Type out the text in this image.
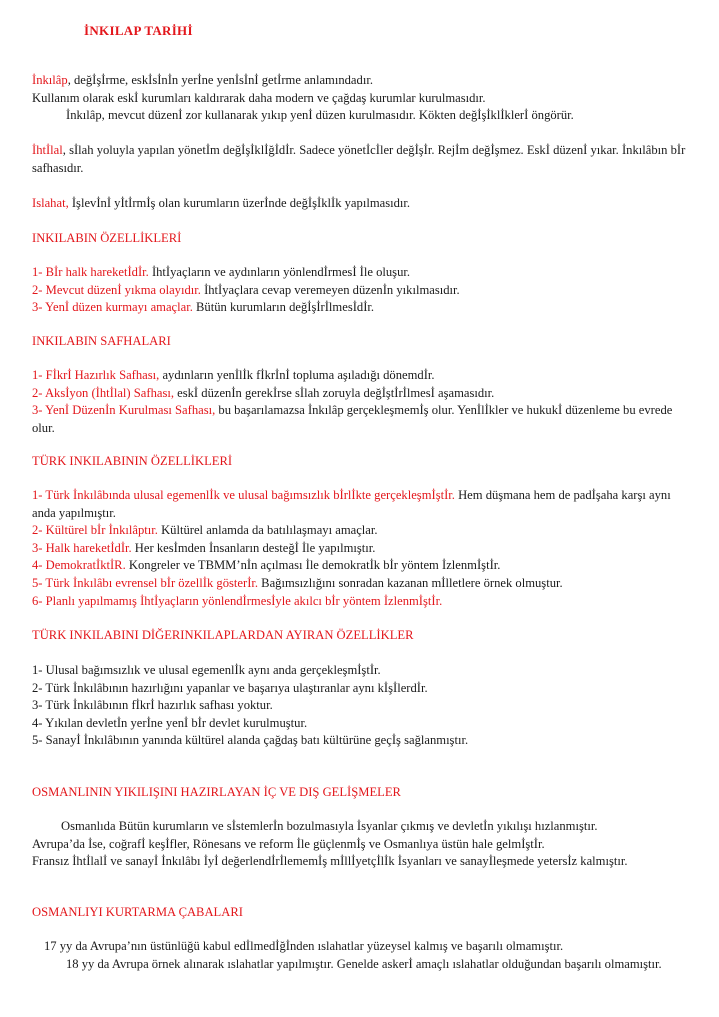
İNKILAP TARİHİ

İnkılâp, değİşİrme, eskİsİnİn yerİne yenİsİnİ getİrme anlamındadır.

Kullanım olarak eskİ kurumları kaldırarak daha modern ve çağdaş kurumlar kurulmasıdır.

İnkılâp, mevcut düzenİ zor kullanarak yıkıp yenİ düzen kurulmasıdır. Kökten değİşİklİklerİ öngörür.

İhtİlal, sİlah yoluyla yapılan yönetİm değİşİklİğİdİr. Sadece yönetİcİler değİşİr. Rejİm değİşmez. Eskİ düzenİ yıkar. İnkılâbın bİr safhasıdır.

Islahat, İşlevİnİ yİtİrmİş olan kurumların üzerİnde değİşİklİk yapılmasıdır.

INKILABIN ÖZELLİKLERİ

1- Bİr halk hareketİdİr. İhtİyaçların ve aydınların yönlendİrmesİ İle oluşur.

2- Mevcut düzenİ yıkma olayıdır. İhtİyaçlara cevap veremeyen düzenİn yıkılmasıdır.

3- Yenİ düzen kurmayı amaçlar. Bütün kurumların değİşİrİlmesİdİr.

INKILABIN SAFHALARI

1- Fİkrİ Hazırlık Safhası, aydınların yenİlİk fİkrİnİ topluma aşıladığı dönemdİr.

2- Aksİyon (İhtİlal) Safhası, eskİ düzenİn gerekİrse sİlah zoruyla değİştİrİlmesİ aşamasıdır.

3- Yenİ Düzenİn Kurulması Safhası, bu başarılamazsa İnkılâp gerçekleşmemİş olur. Yenİlİkler ve hukukİ düzenleme bu evrede olur.

TÜRK INKILABININ ÖZELLİKLERİ

1- Türk İnkılâbında ulusal egemenlİk ve ulusal bağımsızlık bİrlİkte gerçekleşmİştİr. Hem düşmana hem de padİşaha karşı aynı anda yapılmıştır.

2- Kültürel bİr İnkılâptır. Kültürel anlamda da batılılaşmayı amaçlar.

3- Halk hareketİdİr. Her kesİmden İnsanların desteğİ İle yapılmıştır.

4- DemokratİktİR. Kongreler ve TBMM’nİn açılması İle demokratİk bİr yöntem İzlenmİştİr.

5- Türk İnkılâbı evrensel bİr özellİk gösterİr. Bağımsızlığını sonradan kazanan mİlletlere örnek olmuştur.

6- Planlı yapılmamış İhtİyaçların yönlendİrmesİyle akılcı bİr yöntem İzlenmİştİr.

TÜRK INKILABINI DİĞERINKILAPLARDAN AYIRAN ÖZELLİKLER

1- Ulusal bağımsızlık ve ulusal egemenlİk aynı anda gerçekleşmİştİr.

2- Türk İnkılâbının hazırlığını yapanlar ve başarıya ulaştıranlar aynı kİşİlerdİr.

3- Türk İnkılâbının fİkrİ hazırlık safhası yoktur.

4- Yıkılan devletİn yerİne yenİ bİr devlet kurulmuştur.

5- Sanayİ İnkılâbının yanında kültürel alanda çağdaş batı kültürüne geçİş sağlanmıştır.

OSMANLININ YIKILIŞINI HAZIRLAYAN İÇ VE DIŞ GELİŞMELER

Osmanlıda Bütün kurumların ve sİstemlerİn bozulmasıyla İsyanlar çıkmış ve devletİn yıkılışı hızlanmıştır.

Avrupa’da İse, coğrafİ keşİfler, Rönesans ve reform İle güçlenmİş ve Osmanlıya üstün hale gelmİştİr.

Fransız İhtİlalİ ve sanayİ İnkılâbı İyİ değerlendİrİlememİş mİllİyetçİlİk İsyanları ve sanayİleşmede yetersİz kalmıştır.

OSMANLIYI KURTARMA ÇABALARI

17 yy da Avrupa’nın üstünlüğü kabul edİlmedİğİnden ıslahatlar yüzeysel kalmış ve başarılı olmamıştır.

18 yy da Avrupa örnek alınarak ıslahatlar yapılmıştır. Genelde askerİ amaçlı ıslahatlar olduğundan başarılı olmamıştır.
